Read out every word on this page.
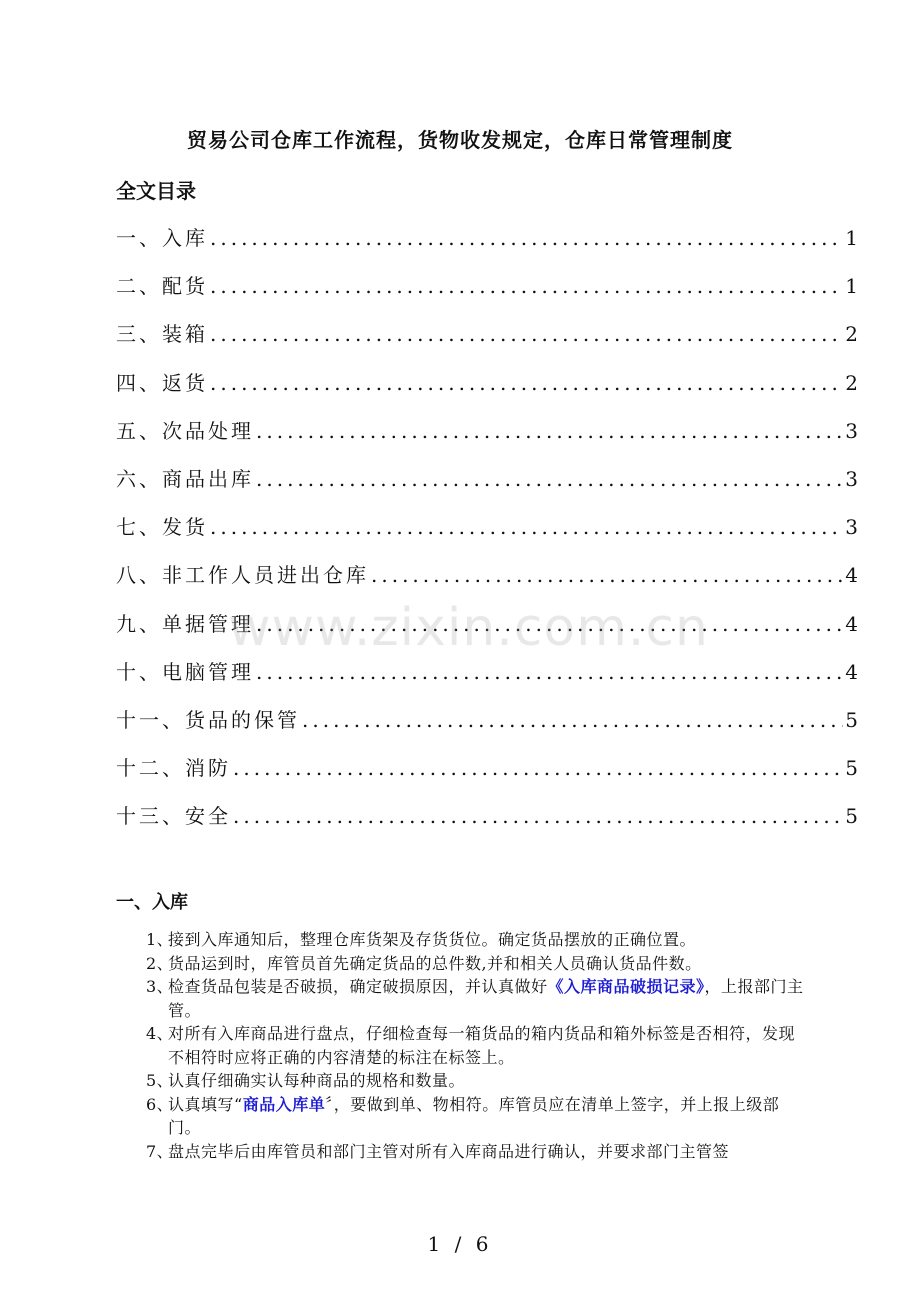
贸易公司仓库工作流程，货物收发规定，仓库日常管理制度
全文目录
一、入库 .....	1
二、配货 .....	1
三、装箱 .....	2
四、返货 .....	2
五、次品处理 .....	3
六、商品出库 .....	3
七、发货 .....	3
八、非工作人员进出仓库 .....	4
九、单据管理 .....	4
十、电脑管理 .....	4
十一、货品的保管 .....	5
十二、消防 .....	5
十三、安全 .....	5
www.zixin.com.cn
一、入库
1、
接到入库通知后，整理仓库货架及存货货位。确定货品摆放的正确位置。
2、
货品运到时，库管员首先确定货品的总件数,并和相关人员确认货品件数。
3、
检查货品包装是否破损，确定破损原因，并认真做好《入库商品破损记录》，上报部门主管。
4、
对所有入库商品进行盘点，仔细检查每一箱货品的箱内货品和箱外标签是否相符，发现不相符时应将正确的内容清楚的标注在标签上。
5、
认真仔细确实认每种商品的规格和数量。
6、
认真填写“商品入库单〞，要做到单、物相符。库管员应在清单上签字，并上报上级部门。
7、
盘点完毕后由库管员和部门主管对所有入库商品进行确认，并要求部门主管签
1 / 6
